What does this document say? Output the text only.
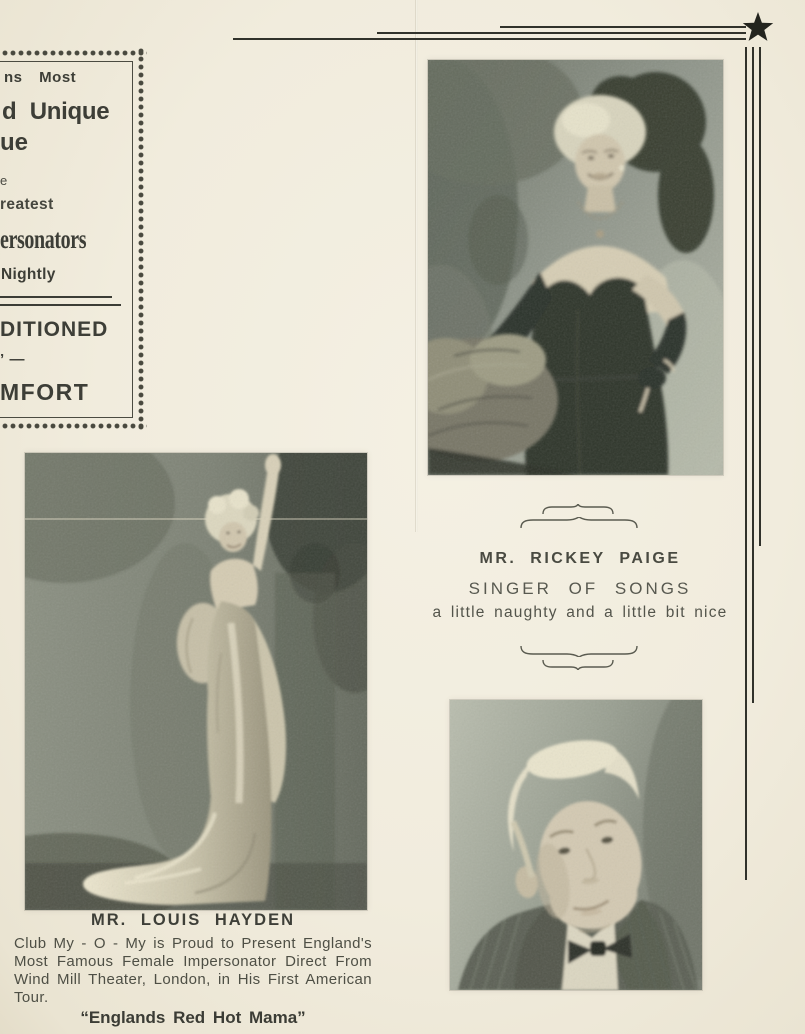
ns Most
d Unique
ue
e
reatest
ersonators
Nightly
DITIONED
’ —
MFORT
MR. RICKEY PAIGE
SINGER OF SONGS
a little naughty and a little bit nice
MR. LOUIS HAYDEN
Club My - O - My is Proud to Present England's Most Famous Female Impersonator Direct From Wind Mill Theater, London, in His First American Tour.
“Englands Red Hot Mama”
